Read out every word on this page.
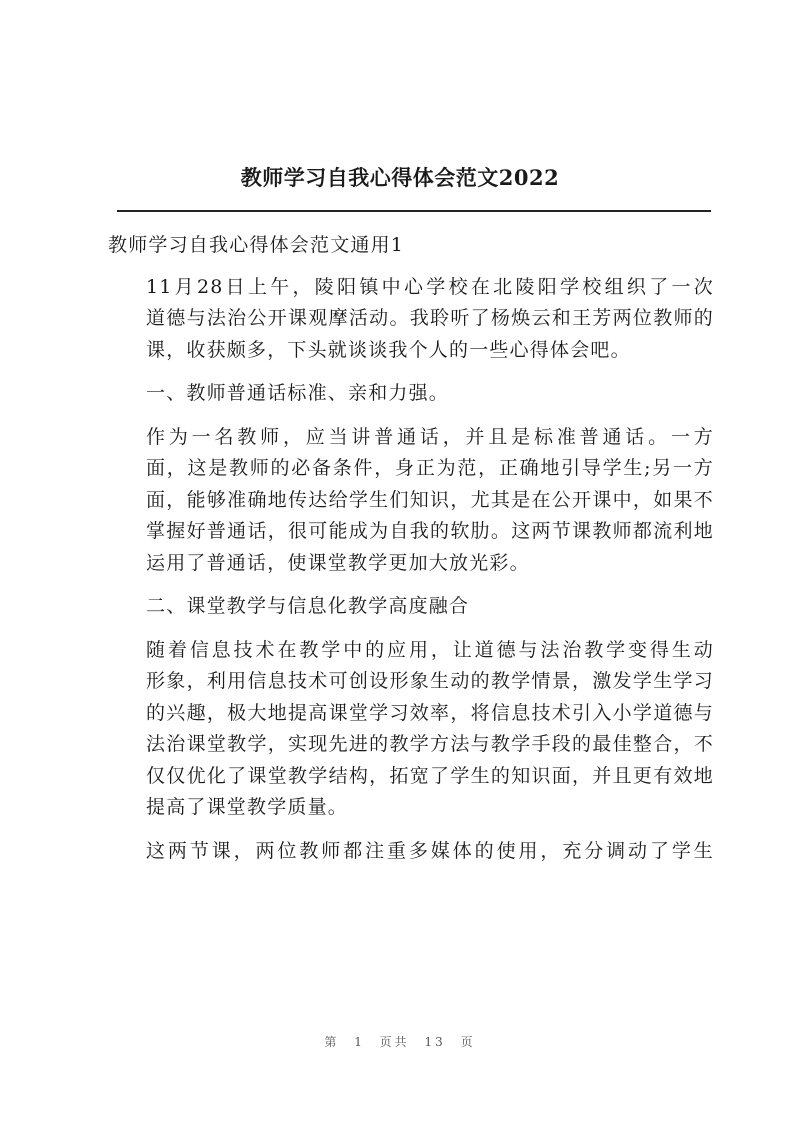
教师学习自我心得体会范文2022

教师学习自我心得体会范文通用1

11月28日上午，陵阳镇中心学校在北陵阳学校组织了一次
道德与法治公开课观摩活动。我聆听了杨焕云和王芳两位教师的
课，收获颇多，下头就谈谈我个人的一些心得体会吧。

一、教师普通话标准、亲和力强。

作为一名教师，应当讲普通话，并且是标准普通话。一方
面，这是教师的必备条件，身正为范，正确地引导学生;另一方
面，能够准确地传达给学生们知识，尤其是在公开课中，如果不
掌握好普通话，很可能成为自我的软肋。这两节课教师都流利地
运用了普通话，使课堂教学更加大放光彩。

二、课堂教学与信息化教学高度融合

随着信息技术在教学中的应用，让道德与法治教学变得生动
形象，利用信息技术可创设形象生动的教学情景，激发学生学习
的兴趣，极大地提高课堂学习效率，将信息技术引入小学道德与
法治课堂教学，实现先进的教学方法与教学手段的最佳整合，不
仅仅优化了课堂教学结构，拓宽了学生的知识面，并且更有效地
提高了课堂教学质量。

这两节课，两位教师都注重多媒体的使用，充分调动了学生

第 1 页共 13 页
